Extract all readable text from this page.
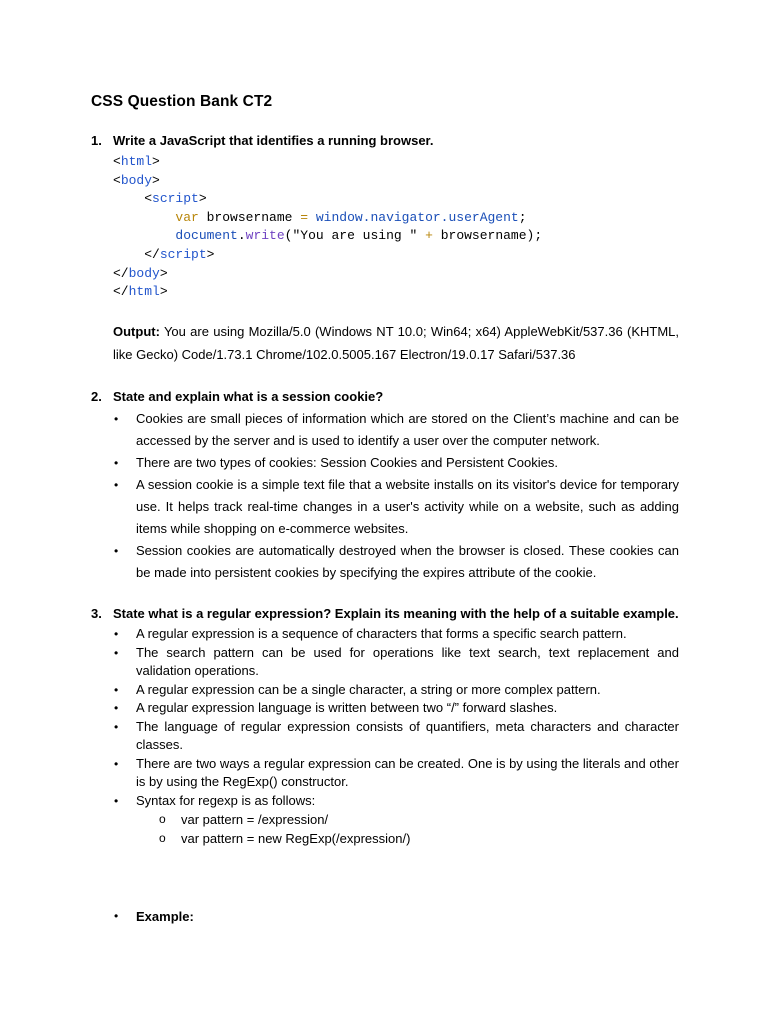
CSS Question Bank CT2
1. Write a JavaScript that identifies a running browser.
<html>
<body>
<script>
var browsername = window.navigator.userAgent;
document.write("You are using " + browsername);
</script>
</body>
</html>

Output: You are using Mozilla/5.0 (Windows NT 10.0; Win64; x64) AppleWebKit/537.36 (KHTML, like Gecko) Code/1.73.1 Chrome/102.0.5005.167 Electron/19.0.17 Safari/537.36

2. State and explain what is a session cookie?
• Cookies are small pieces of information which are stored on the Client’s machine and can be accessed by the server and is used to identify a user over the computer network.
• There are two types of cookies: Session Cookies and Persistent Cookies.
• A session cookie is a simple text file that a website installs on its visitor's device for temporary use. It helps track real-time changes in a user's activity while on a website, such as adding items while shopping on e-commerce websites.
• Session cookies are automatically destroyed when the browser is closed. These cookies can be made into persistent cookies by specifying the expires attribute of the cookie.
3. State what is a regular expression? Explain its meaning with the help of a suitable example.
• A regular expression is a sequence of characters that forms a specific search pattern.
• The search pattern can be used for operations like text search, text replacement and validation operations.
• A regular expression can be a single character, a string or more complex pattern.
• A regular expression language is written between two “/” forward slashes.
• The language of regular expression consists of quantifiers, meta characters and character classes.
• There are two ways a regular expression can be created. One is by using the literals and other is by using the RegExp() constructor.
• Syntax for regexp is as follows:
o var pattern = /expression/
o var pattern = new RegExp(/expression/)
• Example:
